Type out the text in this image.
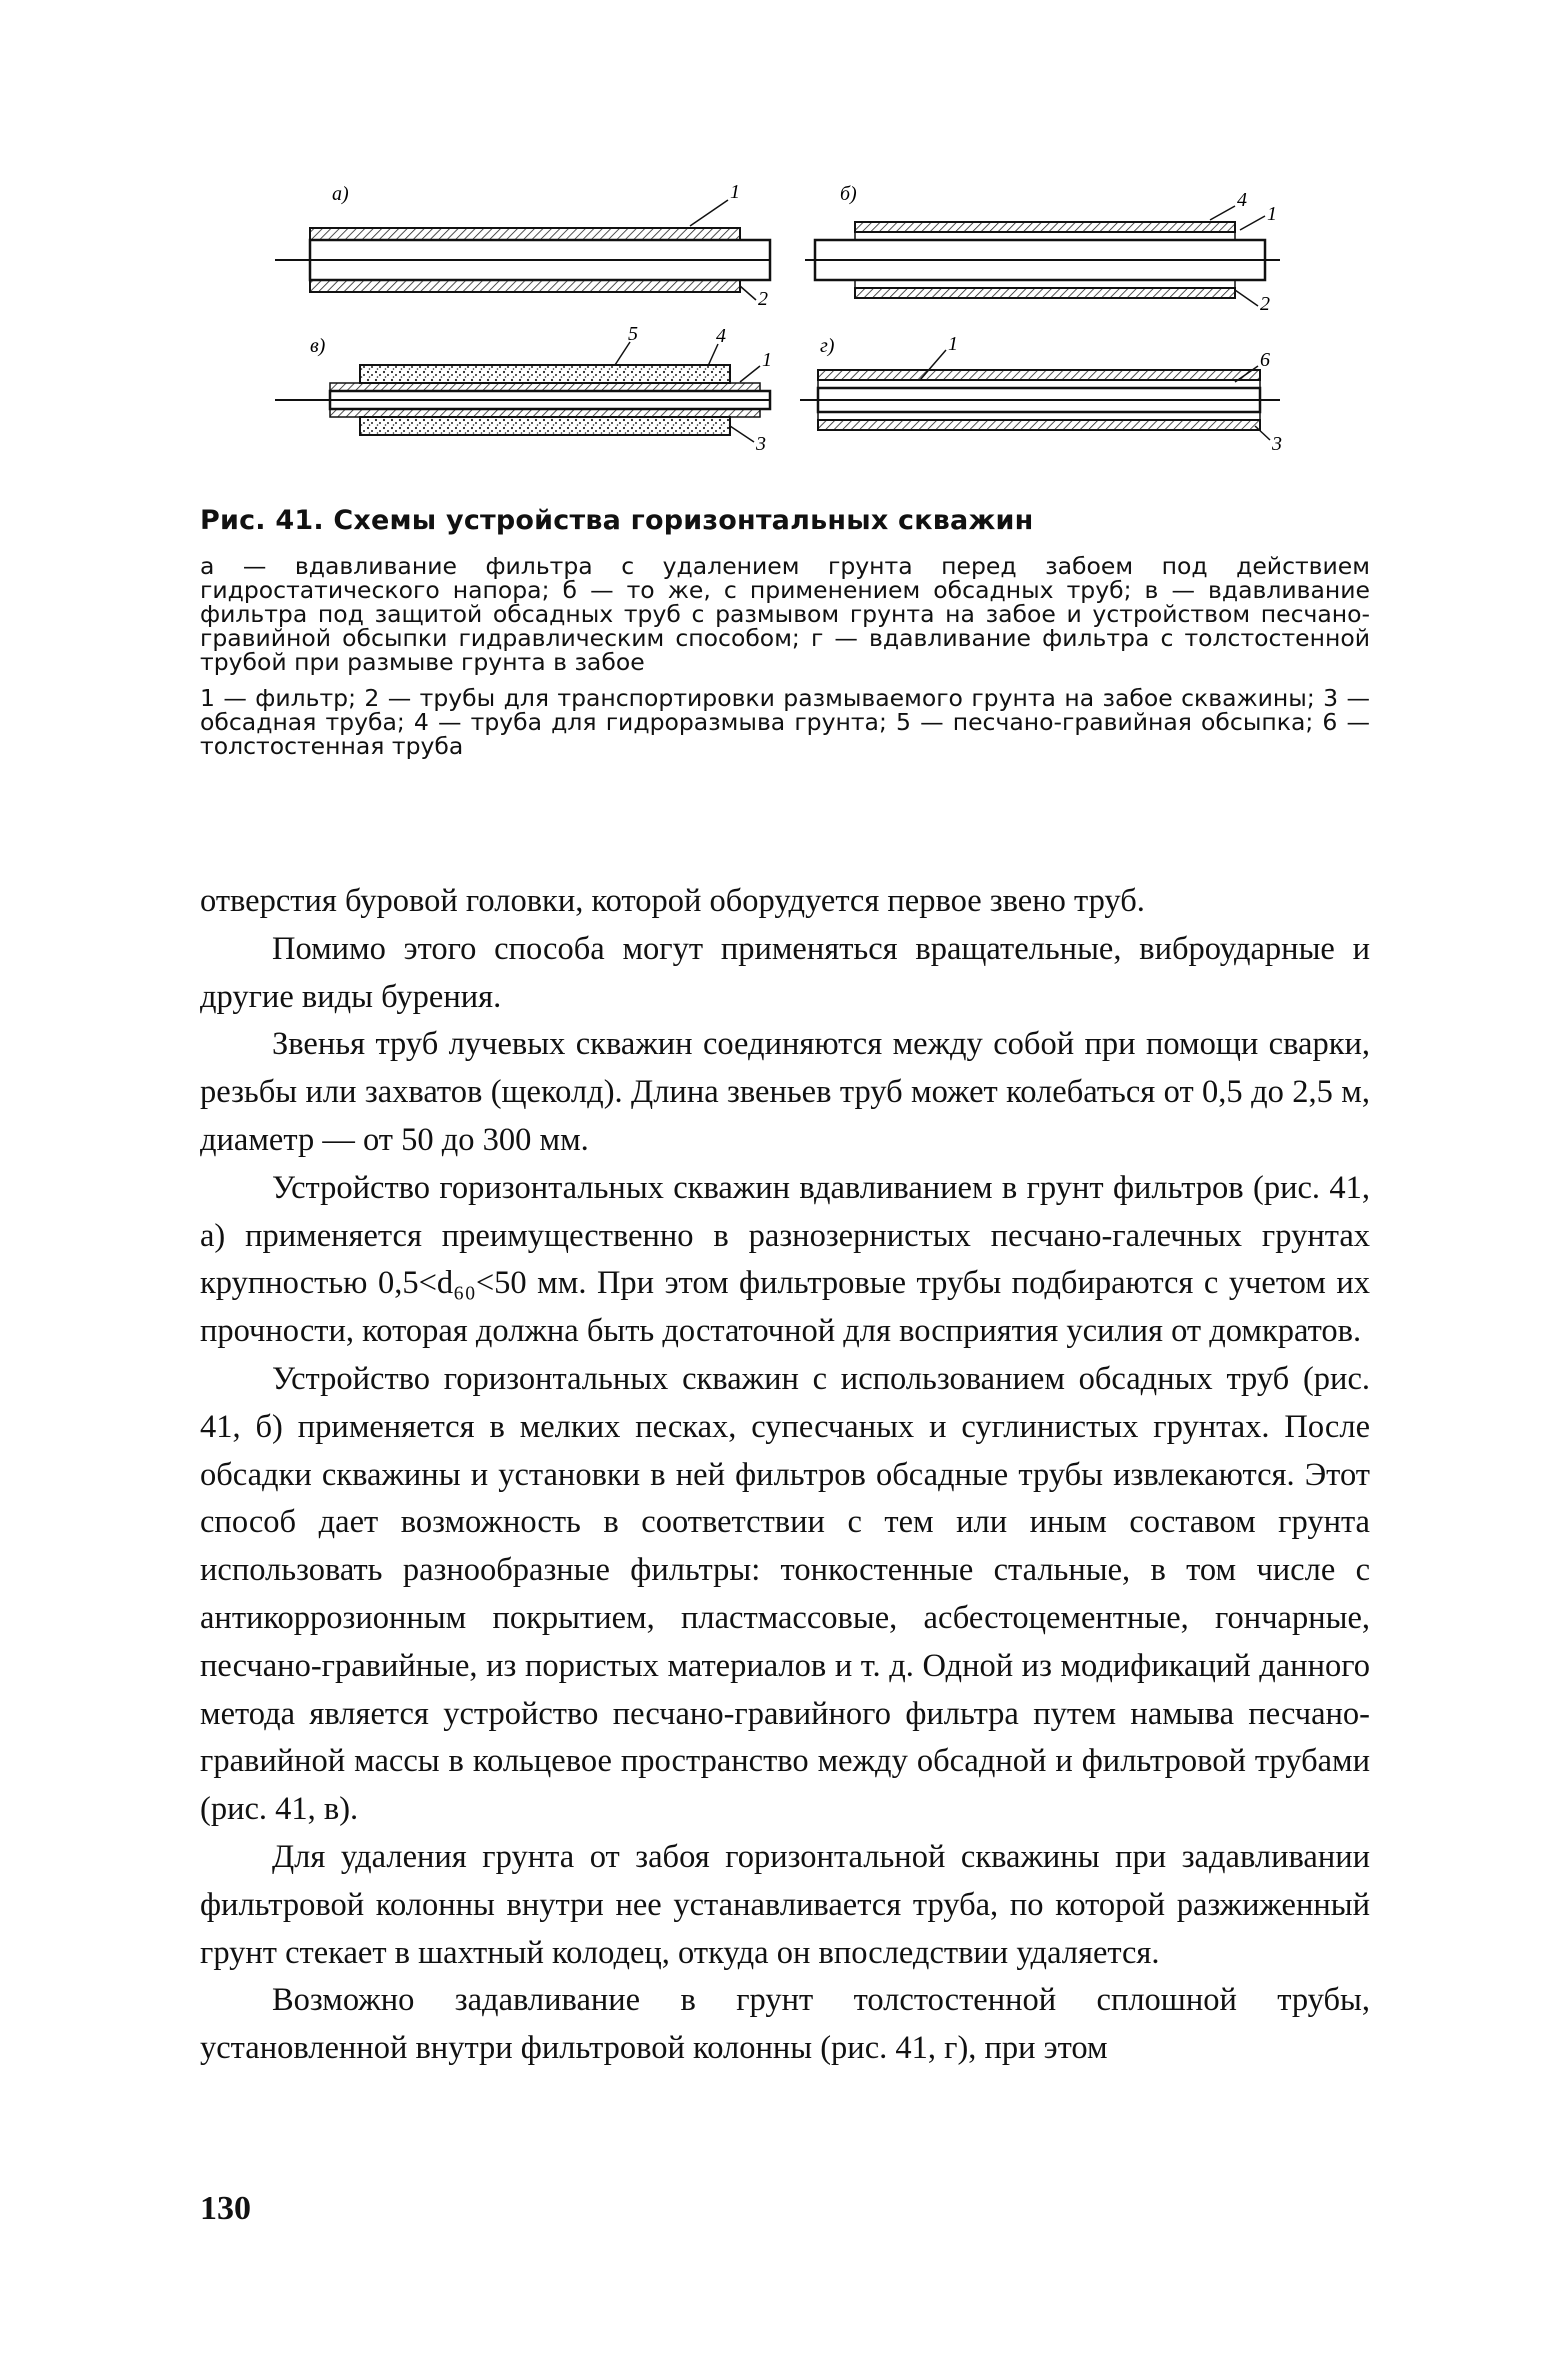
а)	1
2
б)	4
1
2
в)
5	4
1
3
г)	1
6
3

Рис. 41. Схемы устройства горизонтальных скважин

а — вдавливание фильтра с удалением грунта перед забоем под действием гидростатического напора; б — то же, с применением обсадных труб; в — вдавливание фильтра под защитой обсадных труб с размывом грунта на забое и устройством песчано-гравийной обсыпки гидравлическим способом; г — вдавливание фильтра с толстостенной трубой при размыве грунта в забое

1 — фильтр; 2 — трубы для транспортировки размываемого грунта на забое скважины; 3 — обсадная труба; 4 — труба для гидроразмыва грунта; 5 — песчано-гравийная обсыпка; 6 — толстостенная труба

отверстия буровой головки, которой оборудуется первое звено труб.

Помимо этого способа могут применяться вращательные, виброударные и другие виды бурения.

Звенья труб лучевых скважин соединяются между собой при помощи сварки, резьбы или захватов (щеколд). Длина звеньев труб может колебаться от 0,5 до 2,5 м, диаметр — от 50 до 300 мм.

Устройство горизонтальных скважин вдавливанием в грунт фильтров (рис. 41, а) применяется преимущественно в разнозернистых песчано-галечных грунтах крупностью 0,5<d₆₀<50 мм. При этом фильтровые трубы подбираются с учетом их прочности, которая должна быть достаточной для восприятия усилия от домкратов.

Устройство горизонтальных скважин с использованием обсадных труб (рис. 41, б) применяется в мелких песках, супесчаных и суглинистых грунтах. После обсадки скважины и установки в ней фильтров обсадные трубы извлекаются. Этот способ дает возможность в соответствии с тем или иным составом грунта использовать разнообразные фильтры: тонкостенные стальные, в том числе с антикоррозионным покрытием, пластмассовые, асбестоцементные, гончарные, песчано-гравийные, из пористых материалов и т. д. Одной из модификаций данного метода является устройство песчано-гравийного фильтра путем намыва песчано-гравийной массы в кольцевое пространство между обсадной и фильтровой трубами (рис. 41, в).

Для удаления грунта от забоя горизонтальной скважины при задавливании фильтровой колонны внутри нее устанавливается труба, по которой разжиженный грунт стекает в шахтный колодец, откуда он впоследствии удаляется.

Возможно задавливание в грунт толстостенной сплошной трубы, установленной внутри фильтровой колонны (рис. 41, г), при этом

130
